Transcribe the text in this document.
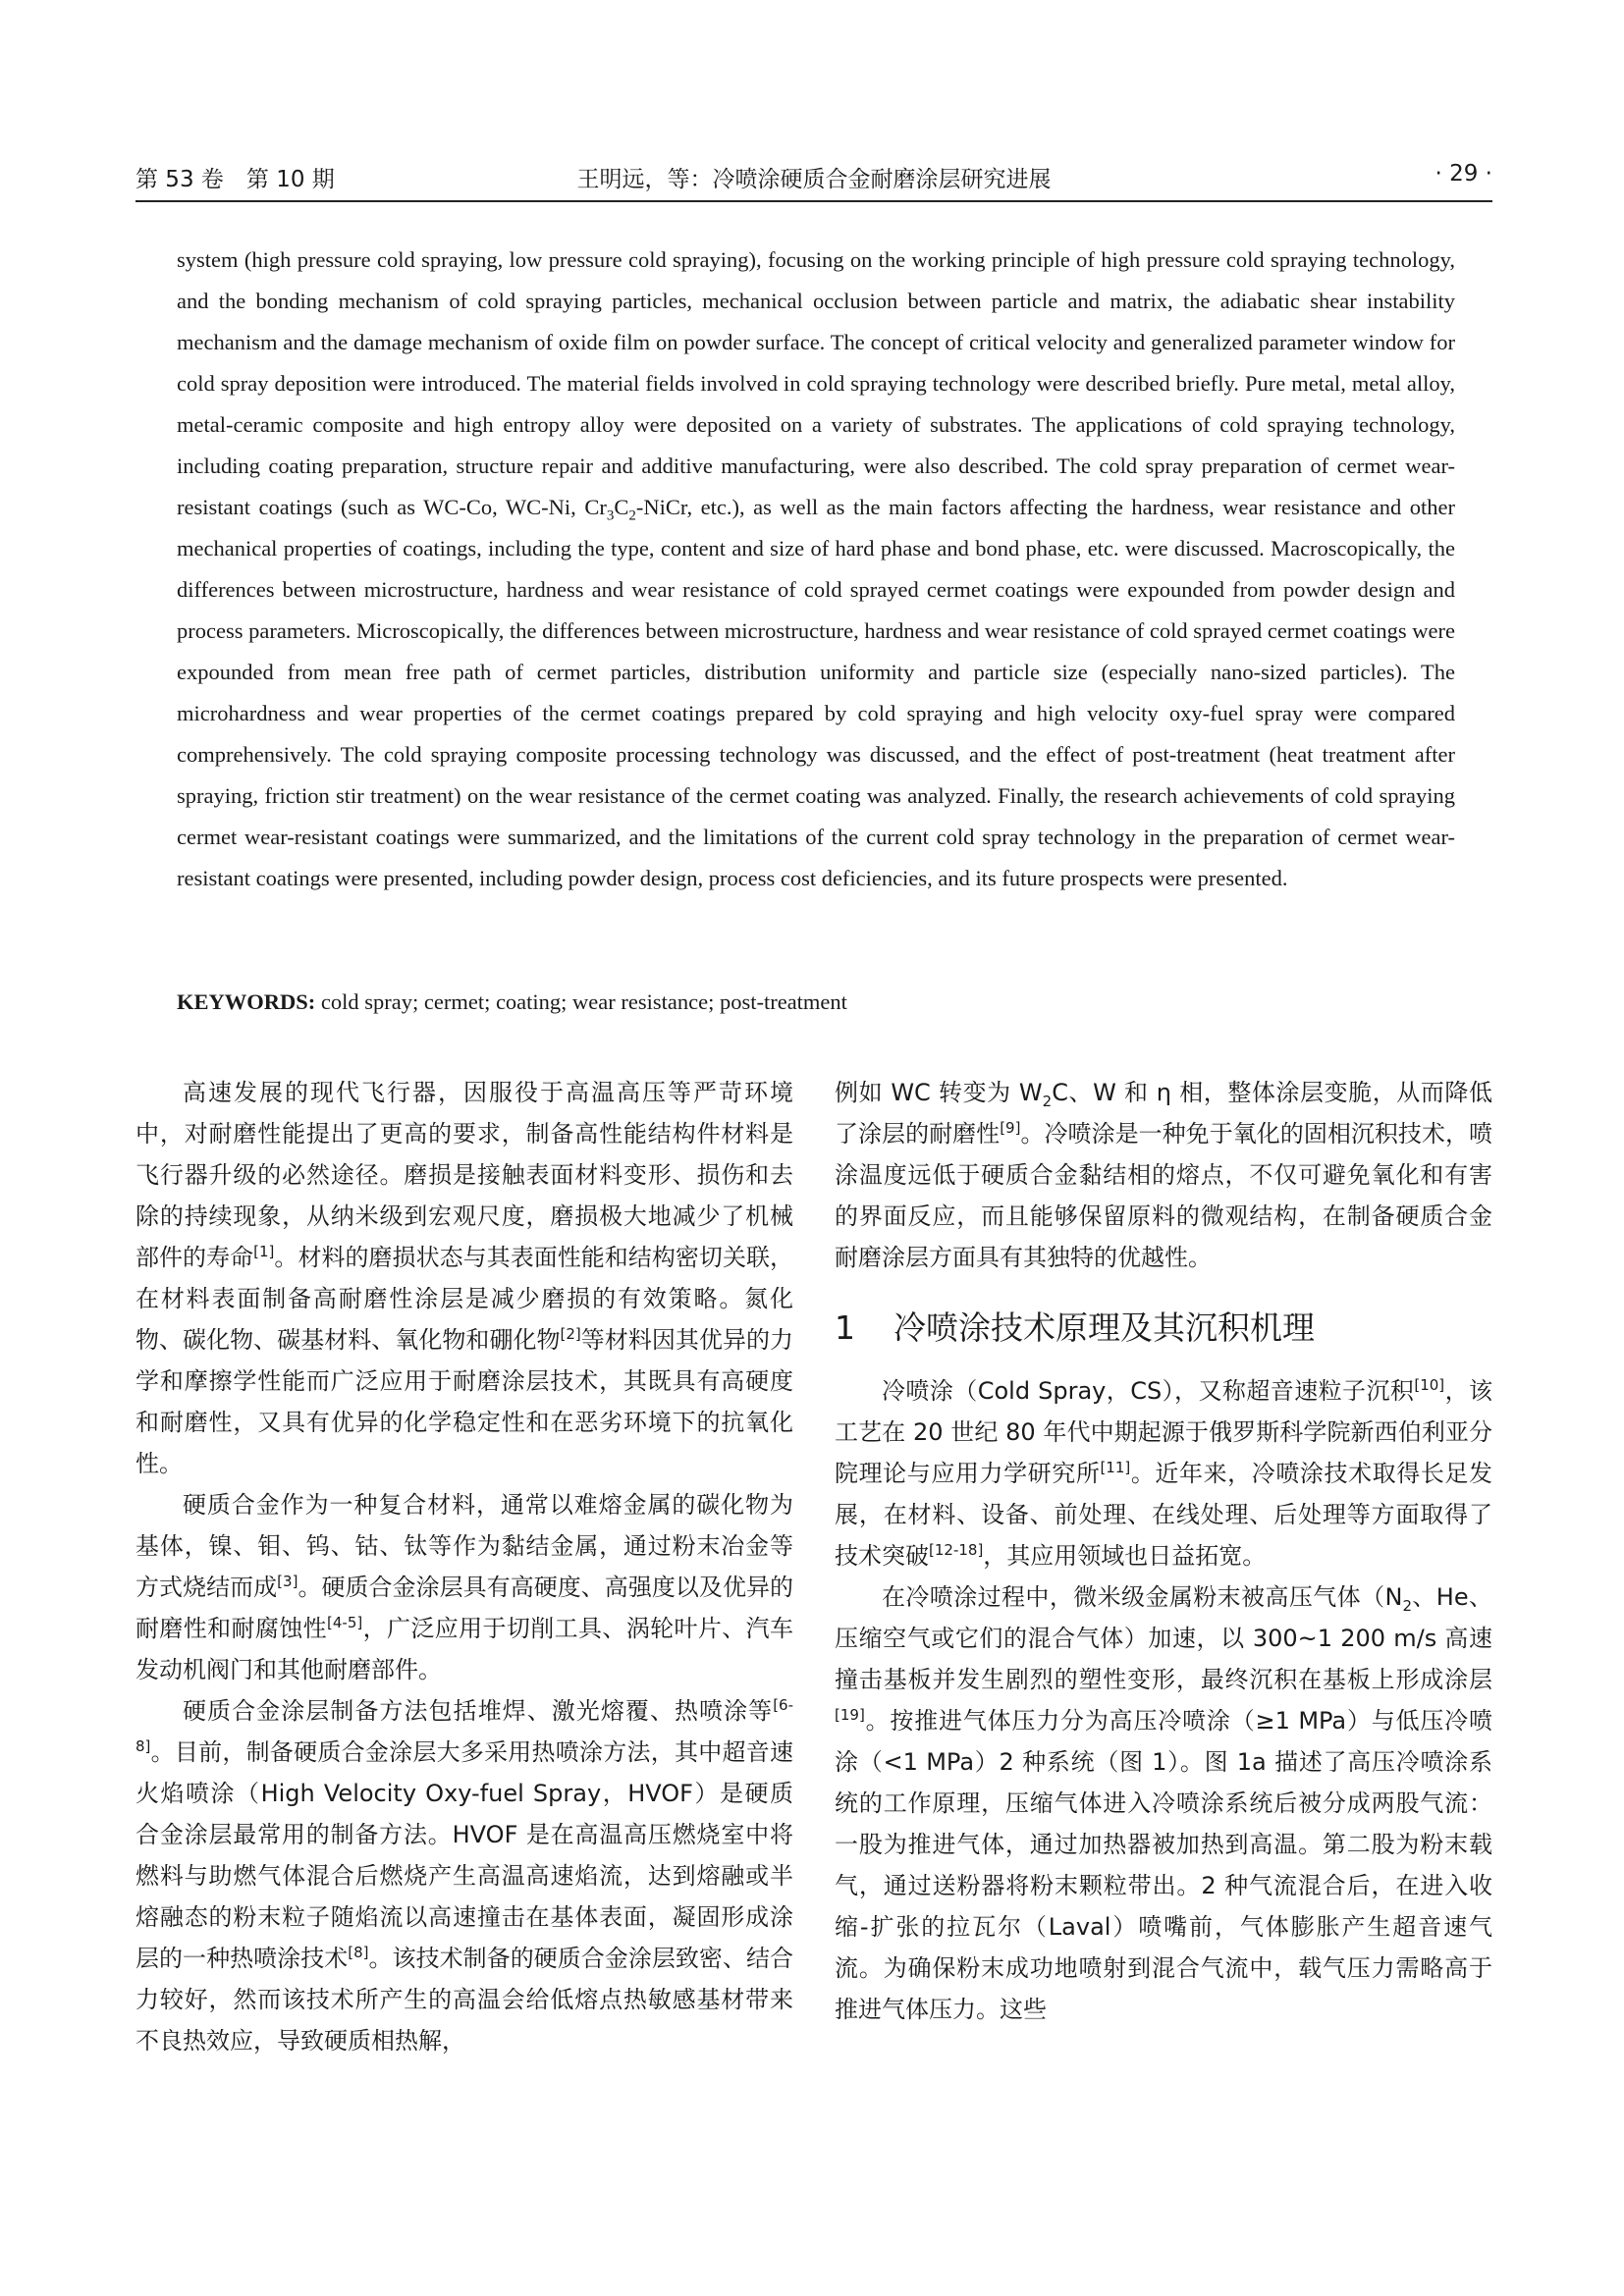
第 53 卷　第 10 期	王明远，等：冷喷涂硬质合金耐磨涂层研究进展	· 29 ·

system (high pressure cold spraying, low pressure cold spraying), focusing on the working principle of high pressure cold spraying technology, and the bonding mechanism of cold spraying particles, mechanical occlusion between particle and matrix, the adiabatic shear instability mechanism and the damage mechanism of oxide film on powder surface. The concept of critical velocity and generalized parameter window for cold spray deposition were introduced. The material fields involved in cold spraying technology were described briefly. Pure metal, metal alloy, metal-ceramic composite and high entropy alloy were deposited on a variety of substrates. The applications of cold spraying technology, including coating preparation, structure repair and additive manufacturing, were also described. The cold spray preparation of cermet wear-resistant coatings (such as WC-Co, WC-Ni, $Cr_3C_2$-NiCr, etc.), as well as the main factors affecting the hardness, wear resistance and other mechanical properties of coatings, including the type, content and size of hard phase and bond phase, etc. were discussed. Macroscopically, the differences between microstructure, hardness and wear resistance of cold sprayed cermet coatings were expounded from powder design and process parameters. Microscopically, the differences between microstructure, hardness and wear resistance of cold sprayed cermet coatings were expounded from mean free path of cermet particles, distribution uniformity and particle size (especially nano-sized particles). The microhardness and wear properties of the cermet coatings prepared by cold spraying and high velocity oxy-fuel spray were compared comprehensively. The cold spraying composite processing technology was discussed, and the effect of post-treatment (heat treatment after spraying, friction stir treatment) on the wear resistance of the cermet coating was analyzed. Finally, the research achievements of cold spraying cermet wear-resistant coatings were summarized, and the limitations of the current cold spray technology in the preparation of cermet wear-resistant coatings were presented, including powder design, process cost deficiencies, and its future prospects were presented.

KEYWORDS: cold spray; cermet; coating; wear resistance; post-treatment

高速发展的现代飞行器，因服役于高温高压等严苛环境中，对耐磨性能提出了更高的要求，制备高性能结构件材料是飞行器升级的必然途径。磨损是接触表面材料变形、损伤和去除的持续现象，从纳米级到宏观尺度，磨损极大地减少了机械部件的寿命[1]。材料的磨损状态与其表面性能和结构密切关联，在材料表面制备高耐磨性涂层是减少磨损的有效策略。氮化物、碳化物、碳基材料、氧化物和硼化物[2]等材料因其优异的力学和摩擦学性能而广泛应用于耐磨涂层技术，其既具有高硬度和耐磨性，又具有优异的化学稳定性和在恶劣环境下的抗氧化性。

硬质合金作为一种复合材料，通常以难熔金属的碳化物为基体，镍、钼、钨、钴、钛等作为黏结金属，通过粉末冶金等方式烧结而成[3]。硬质合金涂层具有高硬度、高强度以及优异的耐磨性和耐腐蚀性[4-5]，广泛应用于切削工具、涡轮叶片、汽车发动机阀门和其他耐磨部件。

硬质合金涂层制备方法包括堆焊、激光熔覆、热喷涂等[6-8]。目前，制备硬质合金涂层大多采用热喷涂方法，其中超音速火焰喷涂（High Velocity Oxy-fuel Spray，HVOF）是硬质合金涂层最常用的制备方法。HVOF 是在高温高压燃烧室中将燃料与助燃气体混合后燃烧产生高温高速焰流，达到熔融或半熔融态的粉末粒子随焰流以高速撞击在基体表面，凝固形成涂层的一种热喷涂技术[8]。该技术制备的硬质合金涂层致密、结合力较好，然而该技术所产生的高温会给低熔点热敏感基材带来不良热效应，导致硬质相热解，

例如 WC 转变为 $W_2C$、W 和 η 相，整体涂层变脆，从而降低了涂层的耐磨性[9]。冷喷涂是一种免于氧化的固相沉积技术，喷涂温度远低于硬质合金黏结相的熔点，不仅可避免氧化和有害的界面反应，而且能够保留原料的微观结构，在制备硬质合金耐磨涂层方面具有其独特的优越性。

1 冷喷涂技术原理及其沉积机理

冷喷涂（Cold Spray，CS），又称超音速粒子沉积[10]，该工艺在 20 世纪 80 年代中期起源于俄罗斯科学院新西伯利亚分院理论与应用力学研究所[11]。近年来，冷喷涂技术取得长足发展，在材料、设备、前处理、在线处理、后处理等方面取得了技术突破[12-18]，其应用领域也日益拓宽。

在冷喷涂过程中，微米级金属粉末被高压气体（$N_2$、He、压缩空气或它们的混合气体）加速，以 300~1 200 m/s 高速撞击基板并发生剧烈的塑性变形，最终沉积在基板上形成涂层[19]。按推进气体压力分为高压冷喷涂（≥1 MPa）与低压冷喷涂（<1 MPa）2 种系统（图 1）。图 1a 描述了高压冷喷涂系统的工作原理，压缩气体进入冷喷涂系统后被分成两股气流：一股为推进气体，通过加热器被加热到高温。第二股为粉末载气，通过送粉器将粉末颗粒带出。2 种气流混合后，在进入收缩-扩张的拉瓦尔（Laval）喷嘴前，气体膨胀产生超音速气流。为确保粉末成功地喷射到混合气流中，载气压力需略高于推进气体压力。这些
